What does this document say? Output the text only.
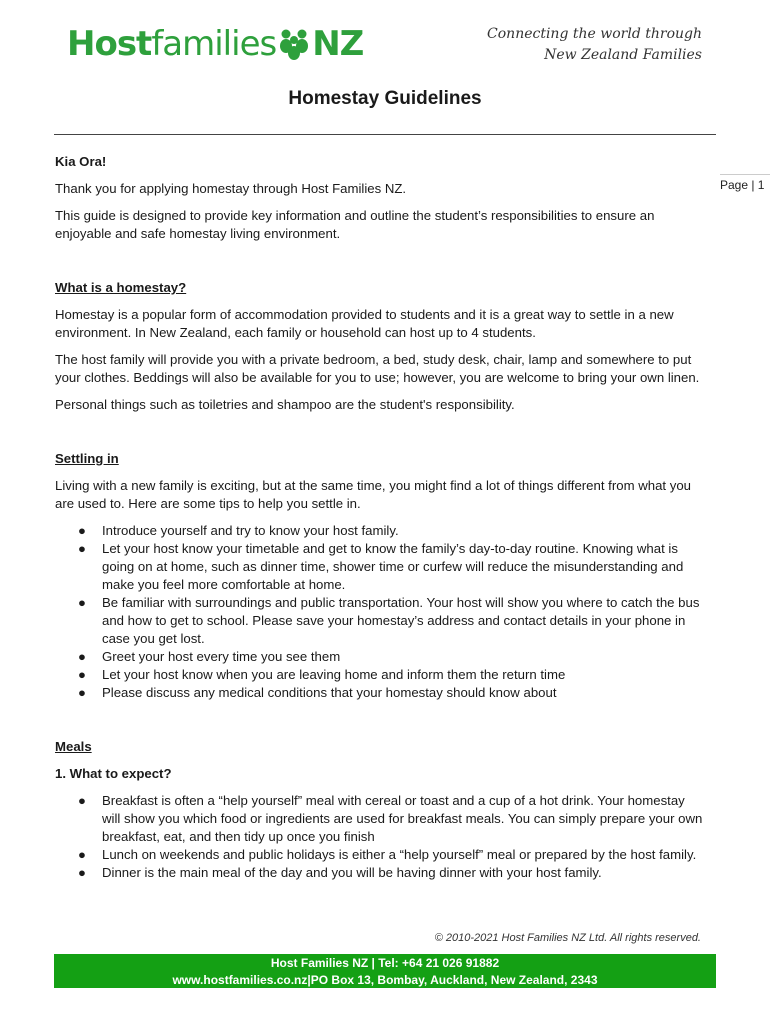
Host families NZ	Connecting the world through
New Zealand Families
Homestay Guidelines
Page | 1
Kia Ora!

Thank you for applying homestay through Host Families NZ.

This guide is designed to provide key information and outline the student’s responsibilities to ensure an enjoyable and safe homestay living environment.

What is a homestay?

Homestay is a popular form of accommodation provided to students and it is a great way to settle in a new environment. In New Zealand, each family or household can host up to 4 students.

The host family will provide you with a private bedroom, a bed, study desk, chair, lamp and somewhere to put your clothes. Beddings will also be available for you to use; however, you are welcome to bring your own linen.

Personal things such as toiletries and shampoo are the student's responsibility.

Settling in

Living with a new family is exciting, but at the same time, you might find a lot of things different from what you are used to. Here are some tips to help you settle in.

● Introduce yourself and try to know your host family.
● Let your host know your timetable and get to know the family’s day-to-day routine. Knowing what is going on at home, such as dinner time, shower time or curfew will reduce the misunderstanding and make you feel more comfortable at home.
● Be familiar with surroundings and public transportation. Your host will show you where to catch the bus and how to get to school. Please save your homestay’s address and contact details in your phone in case you get lost.
● Greet your host every time you see them
● Let your host know when you are leaving home and inform them the return time
● Please discuss any medical conditions that your homestay should know about
Meals
1. What to expect?
● Breakfast is often a “help yourself” meal with cereal or toast and a cup of a hot drink. Your homestay will show you which food or ingredients are used for breakfast meals. You can simply prepare your own breakfast, eat, and then tidy up once you finish
● Lunch on weekends and public holidays is either a “help yourself” meal or prepared by the host family.
● Dinner is the main meal of the day and you will be having dinner with your host family.
© 2010-2021 Host Families NZ Ltd. All rights reserved.
Host Families NZ | Tel: +64 21 026 91882
www.hostfamilies.co.nz|PO Box 13, Bombay, Auckland, New Zealand, 2343
